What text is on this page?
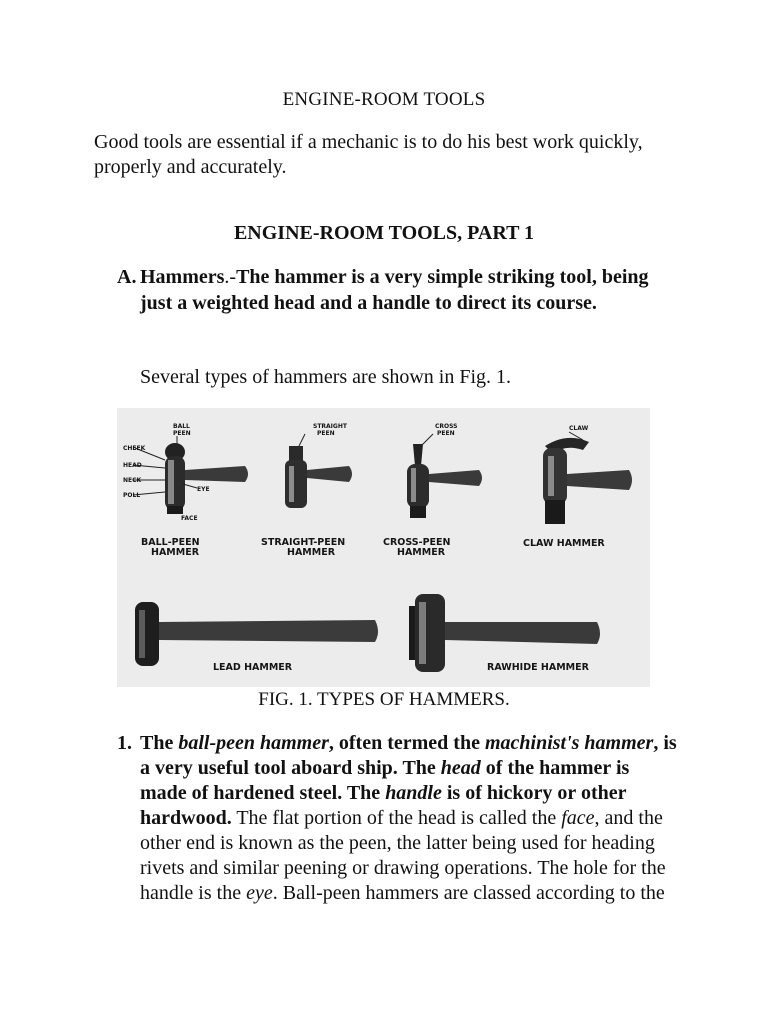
ENGINE-ROOM TOOLS
Good tools are essential if a mechanic is to do his best work quickly, properly and accurately.
ENGINE-ROOM TOOLS, PART 1
A. Hammers.-The hammer is a very simple striking tool, being just a weighted head and a handle to direct its course.
Several types of hammers are shown in Fig. 1.
BALL
PEEN
CHEEK
HEAD
NECK
POLL
EYE
FACE
BALL-PEEN
HAMMER
STRAIGHT
PEEN
STRAIGHT-PEEN
HAMMER
CROSS
PEEN
CROSS-PEEN
HAMMER
CLAW
CLAW HAMMER
LEAD HAMMER	RAWHIDE HAMMER
FIG. 1. TYPES OF HAMMERS.
1. The ball-peen hammer, often termed the machinist's hammer, is a very useful tool aboard ship. The head of the hammer is made of hardened steel. The handle is of hickory or other hardwood. The flat portion of the head is called the face, and the other end is known as the peen, the latter being used for heading rivets and similar peening or drawing operations. The hole for the handle is the eye. Ball-peen hammers are classed according to the
